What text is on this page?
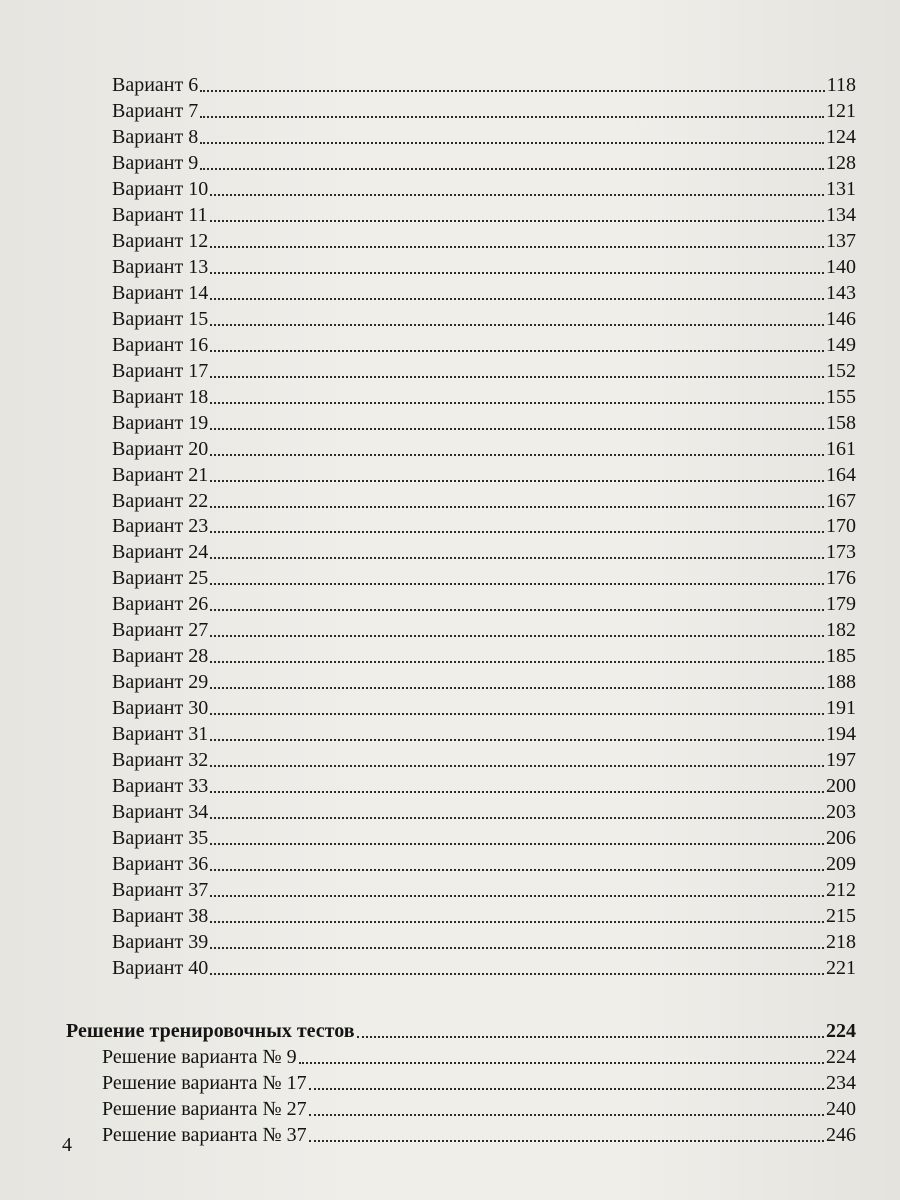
Вариант 6	118
Вариант 7	121
Вариант 8	124
Вариант 9	128
Вариант 10	131
Вариант 11	134
Вариант 12	137
Вариант 13	140
Вариант 14	143
Вариант 15	146
Вариант 16	149
Вариант 17	152
Вариант 18	155
Вариант 19	158
Вариант 20	161
Вариант 21	164
Вариант 22	167
Вариант 23	170
Вариант 24	173
Вариант 25	176
Вариант 26	179
Вариант 27	182
Вариант 28	185
Вариант 29	188
Вариант 30	191
Вариант 31	194
Вариант 32	197
Вариант 33	200
Вариант 34	203
Вариант 35	206
Вариант 36	209
Вариант 37	212
Вариант 38	215
Вариант 39	218
Вариант 40	221
Решение тренировочных тестов	224
Решение варианта № 9	224
Решение варианта № 17	234
Решение варианта № 27	240
Решение варианта № 37	246
4
